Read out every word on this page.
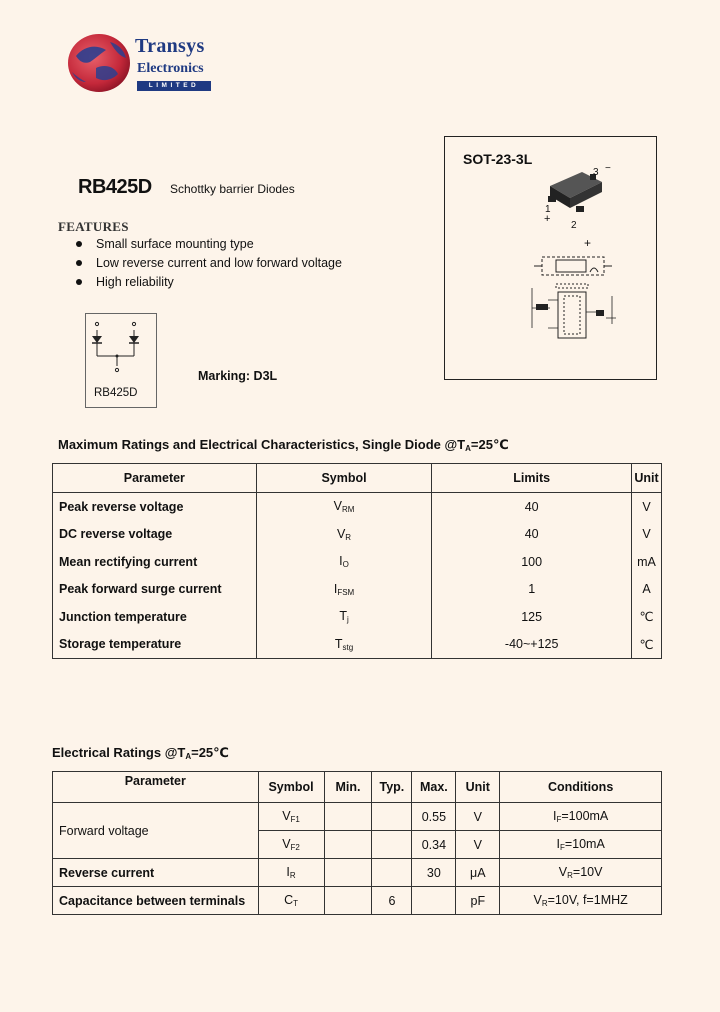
Transys
Electronics
LIMITED
RB425D Schottky barrier Diodes
FEATURES
Small surface mounting type
Low reverse current and low forward voltage
High reliability
SOT-23-3L
3 −
1
+
2
+
RB425D
Marking: D3L
Maximum Ratings and Electrical Characteristics, Single Diode $@T_A=25℃$
Parameter	Symbol	Limits	Unit
Peak reverse voltage	$V_{RM}$	40	V
DC reverse voltage	$V_R$	40	V
Mean rectifying current	$I_O$	100	mA
Peak forward surge current	$I_{FSM}$	1	A
Junction temperature	$T_j$	125	℃
Storage temperature	$T_{stg}$	-40~+125	℃
Electrical Ratings $@T_A=25℃$
Parameter	Symbol	Min.	Typ.	Max.	Unit	Conditions
Forward voltage	$V_{F1}$			0.55	V	$I_F=100mA$
	$V_{F2}$			0.34	V	$I_F=10mA$
Reverse current	$I_R$			30	μA	$V_R=10V$
Capacitance between terminals	$C_T$		6		pF	$V_R=10V$, f=1MHZ
